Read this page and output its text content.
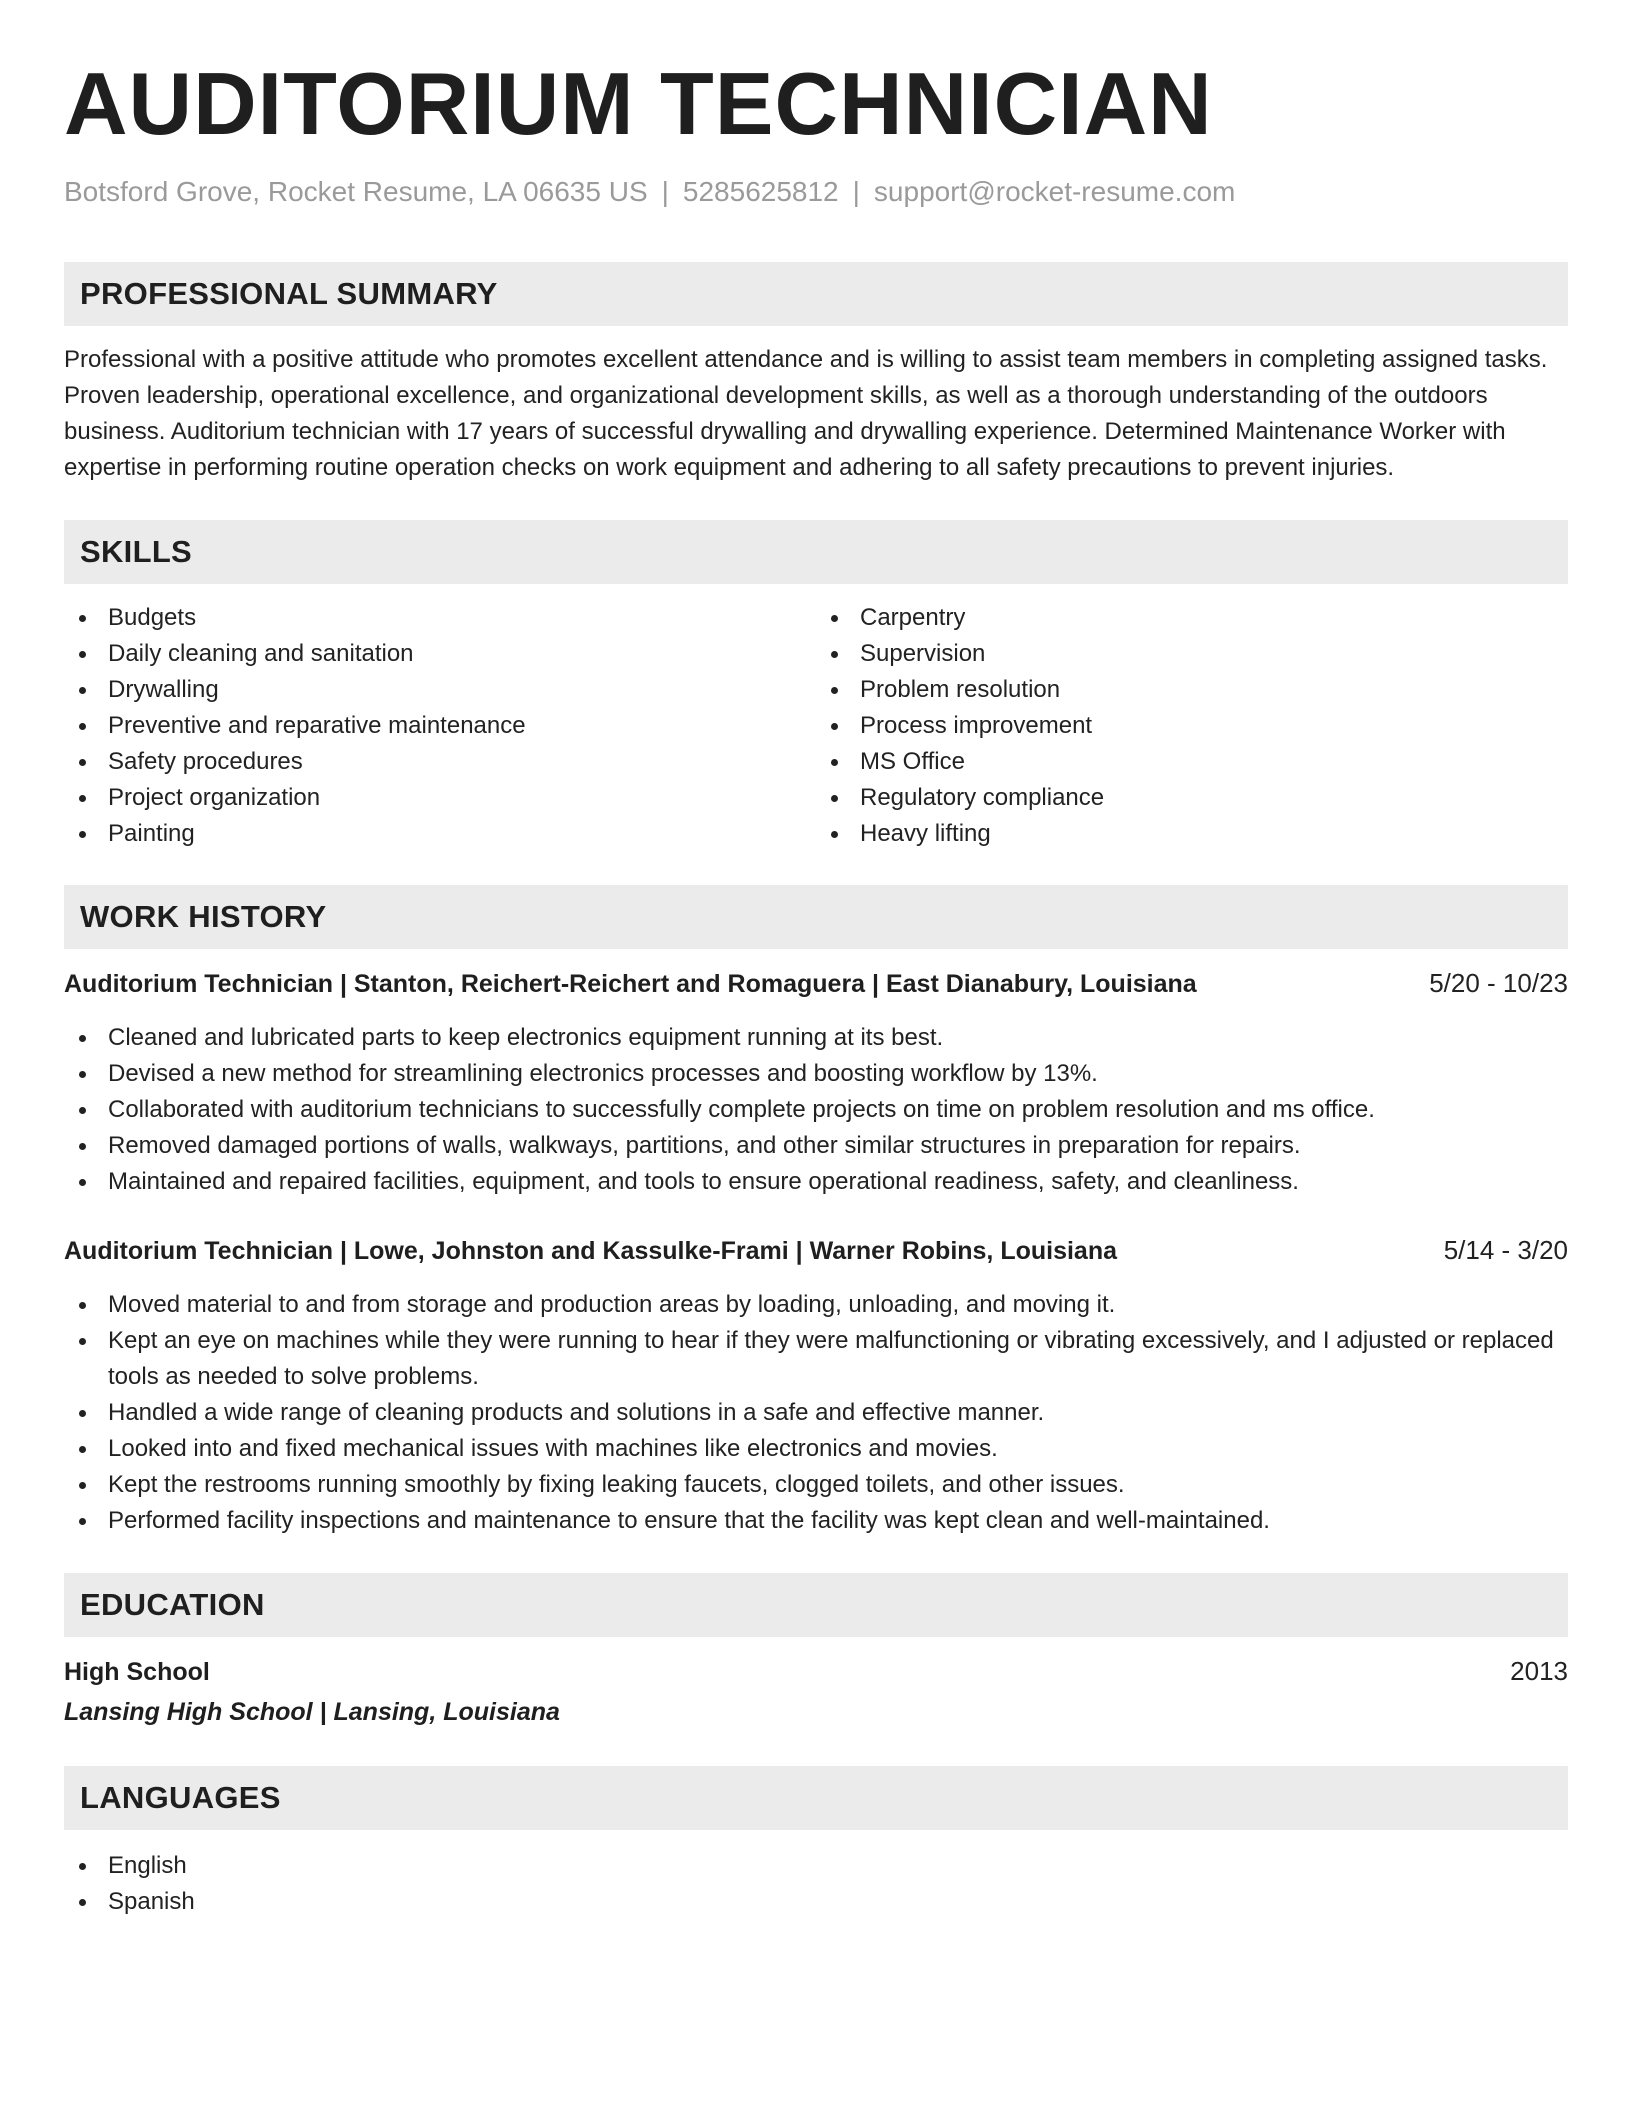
AUDITORIUM TECHNICIAN
Botsford Grove, Rocket Resume, LA 06635 US | 5285625812 | support@rocket-resume.com
PROFESSIONAL SUMMARY
Professional with a positive attitude who promotes excellent attendance and is willing to assist team members in completing assigned tasks. Proven leadership, operational excellence, and organizational development skills, as well as a thorough understanding of the outdoors business. Auditorium technician with 17 years of successful drywalling and drywalling experience. Determined Maintenance Worker with expertise in performing routine operation checks on work equipment and adhering to all safety precautions to prevent injuries.
SKILLS
Budgets
Daily cleaning and sanitation
Drywalling
Preventive and reparative maintenance
Safety procedures
Project organization
Painting
Carpentry
Supervision
Problem resolution
Process improvement
MS Office
Regulatory compliance
Heavy lifting
WORK HISTORY
Auditorium Technician | Stanton, Reichert-Reichert and Romaguera | East Dianabury, Louisiana	5/20 - 10/23
Cleaned and lubricated parts to keep electronics equipment running at its best.
Devised a new method for streamlining electronics processes and boosting workflow by 13%.
Collaborated with auditorium technicians to successfully complete projects on time on problem resolution and ms office.
Removed damaged portions of walls, walkways, partitions, and other similar structures in preparation for repairs.
Maintained and repaired facilities, equipment, and tools to ensure operational readiness, safety, and cleanliness.
Auditorium Technician | Lowe, Johnston and Kassulke-Frami | Warner Robins, Louisiana	5/14 - 3/20
Moved material to and from storage and production areas by loading, unloading, and moving it.
Kept an eye on machines while they were running to hear if they were malfunctioning or vibrating excessively, and I adjusted or replaced tools as needed to solve problems.
Handled a wide range of cleaning products and solutions in a safe and effective manner.
Looked into and fixed mechanical issues with machines like electronics and movies.
Kept the restrooms running smoothly by fixing leaking faucets, clogged toilets, and other issues.
Performed facility inspections and maintenance to ensure that the facility was kept clean and well-maintained.
EDUCATION
High School	2013
Lansing High School | Lansing, Louisiana
LANGUAGES
English
Spanish
